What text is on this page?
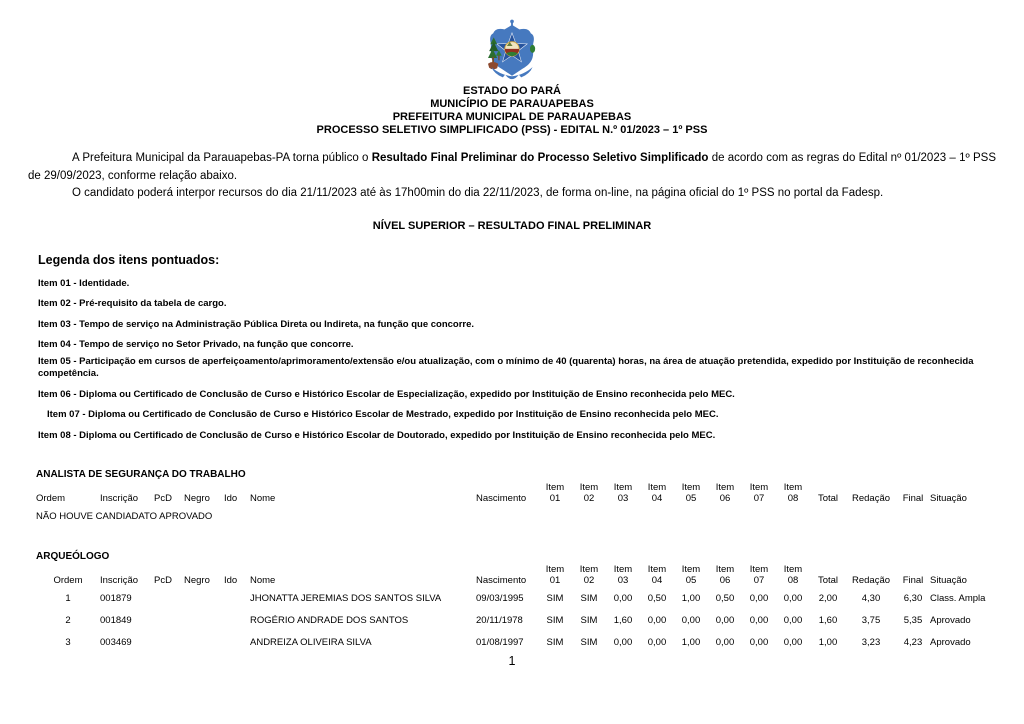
ESTADO DO PARÁ
MUNICÍPIO DE PARAUAPEBAS
PREFEITURA MUNICIPAL DE PARAUAPEBAS
PROCESSO SELETIVO SIMPLIFICADO (PSS) - EDITAL N.º 01/2023 – 1º PSS

A Prefeitura Municipal da Parauapebas-PA torna público o Resultado Final Preliminar do Processo Seletivo Simplificado de acordo com as regras do Edital nº 01/2023 – 1º PSS de 29/09/2023, conforme relação abaixo.

O candidato poderá interpor recursos do dia 21/11/2023 até às 17h00min do dia 22/11/2023, de forma on-line, na página oficial do 1º PSS no portal da Fadesp.

NÍVEL SUPERIOR – RESULTADO FINAL PRELIMINAR
Legenda dos itens pontuados:
Item 01 - Identidade.
Item 02 - Pré-requisito da tabela de cargo.
Item 03 - Tempo de serviço na Administração Pública Direta ou Indireta, na função que concorre.
Item 04 - Tempo de serviço no Setor Privado, na função que concorre.
Item 05 - Participação em cursos de aperfeiçoamento/aprimoramento/extensão e/ou atualização, com o mínimo de 40 (quarenta) horas, na área de atuação pretendida, expedido por Instituição de reconhecida competência.
Item 06 - Diploma ou Certificado de Conclusão de Curso e Histórico Escolar de Especialização, expedido por Instituição de Ensino reconhecida pelo MEC.
Item 07 - Diploma ou Certificado de Conclusão de Curso e Histórico Escolar de Mestrado, expedido por Instituição de Ensino reconhecida pelo MEC.
Item 08 - Diploma ou Certificado de Conclusão de Curso e Histórico Escolar de Doutorado, expedido por Instituição de Ensino reconhecida pelo MEC.
ANALISTA DE SEGURANÇA DO TRABALHO
							Item	Item	Item	Item	Item	Item	Item	Item				
Ordem	Inscrição	PcD	Negro	Ido	Nome	Nascimento	01	02	03	04	05	06	07	08	Total	Redação	Final	Situação
NÃO HOUVE CANDIADATO APROVADO																		
ARQUEÓLOGO
							Item	Item	Item	Item	Item	Item	Item	Item				
Ordem	Inscrição	PcD	Negro	Ido	Nome	Nascimento	01	02	03	04	05	06	07	08	Total	Redação	Final	Situação
1	001879				JHONATTA JEREMIAS DOS SANTOS SILVA	09/03/1995	SIM	SIM	0,00	0,50	1,00	0,50	0,00	0,00	2,00	4,30	6,30	Class. Ampla
2	001849				ROGÉRIO ANDRADE DOS SANTOS	20/11/1978	SIM	SIM	1,60	0,00	0,00	0,00	0,00	0,00	1,60	3,75	5,35	Aprovado
3	003469				ANDREIZA OLIVEIRA SILVA	01/08/1997	SIM	SIM	0,00	0,00	1,00	0,00	0,00	0,00	1,00	3,23	4,23	Aprovado
1
